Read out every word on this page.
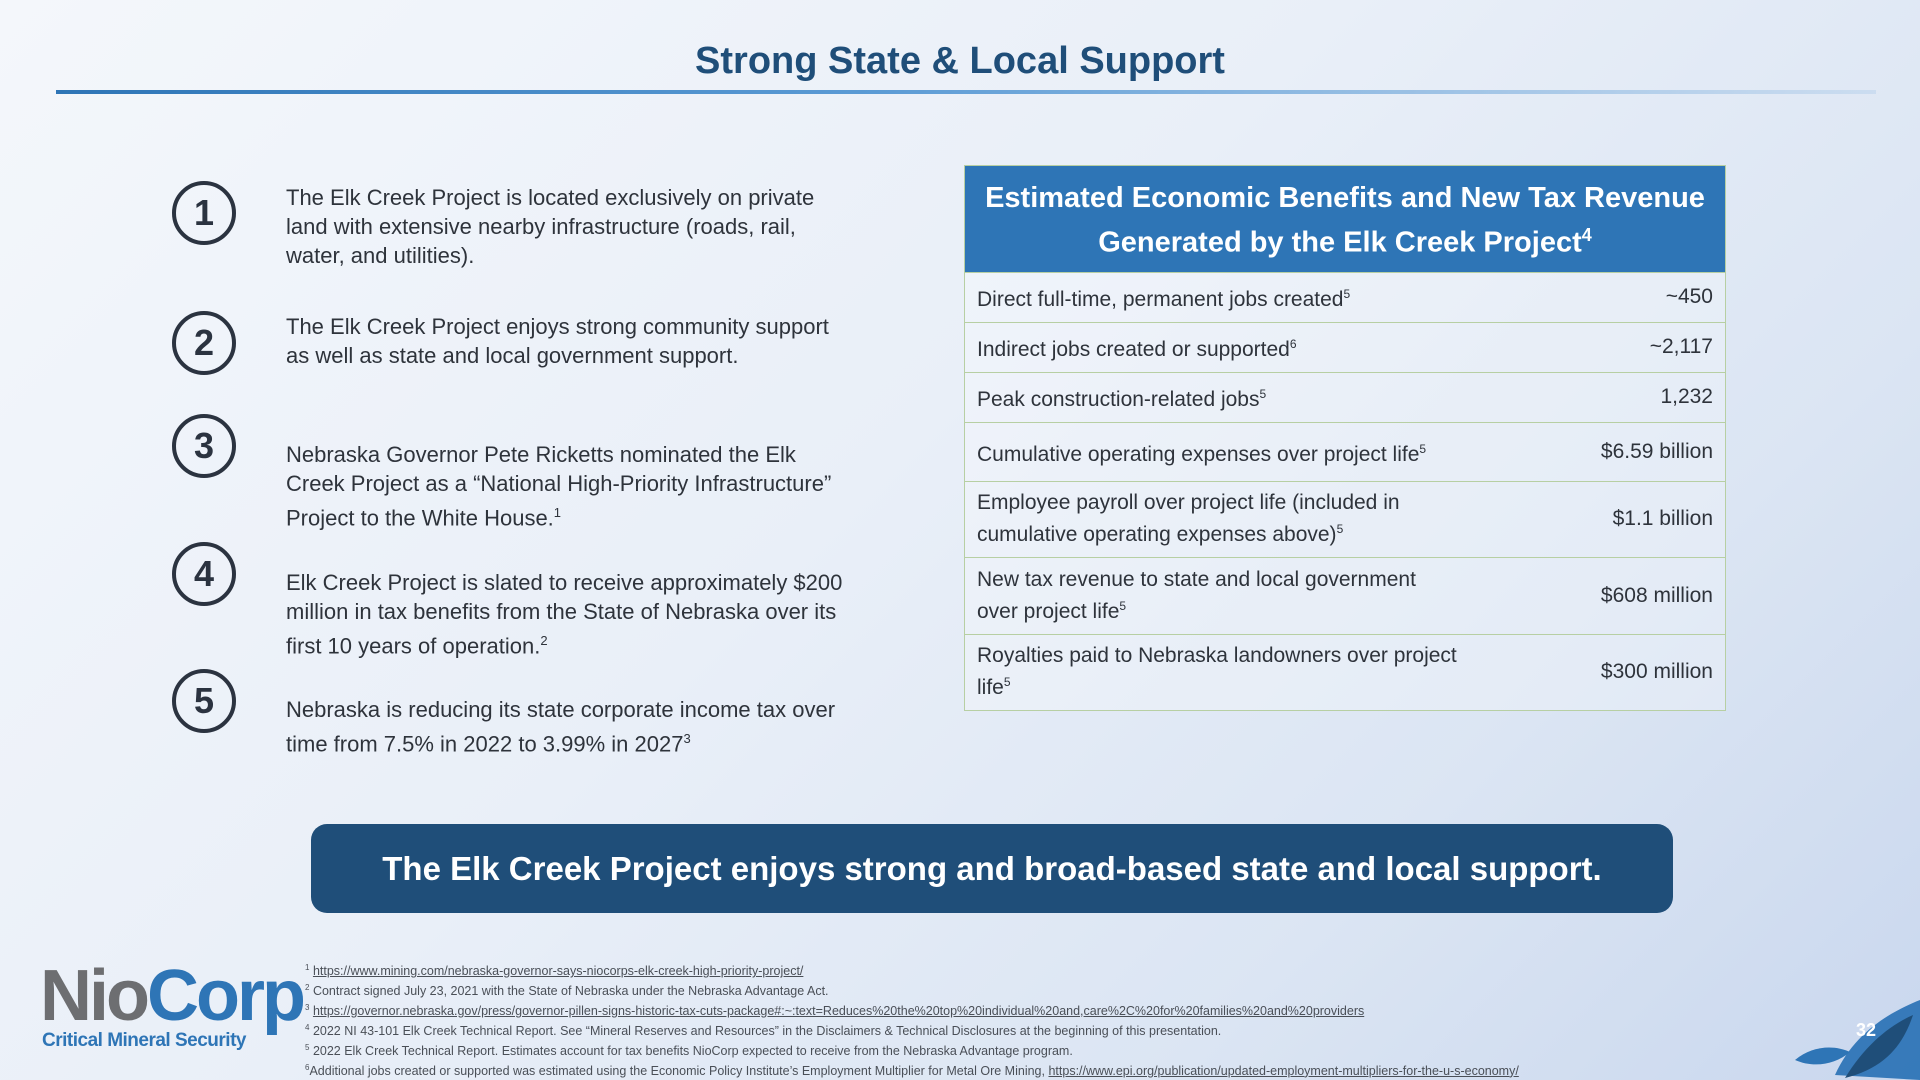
Strong State & Local Support
1	The Elk Creek Project is located exclusively on private land with extensive nearby infrastructure (roads, rail, water, and utilities).
2	The Elk Creek Project enjoys strong community support as well as state and local government support.
3	Nebraska Governor Pete Ricketts nominated the Elk Creek Project as a “National High-Priority Infrastructure” Project to the White House.$^1$
4	Elk Creek Project is slated to receive approximately $200 million in tax benefits from the State of Nebraska over its first 10 years of operation.$^2$
5	Nebraska is reducing its state corporate income tax over time from 7.5% in 2022 to 3.99% in 2027$^3$
Estimated Economic Benefits and New Tax Revenue Generated by the Elk Creek Project$^4$
Direct full-time, permanent jobs created$^5$	~450
Indirect jobs created or supported$^6$	~2,117
Peak construction-related jobs$^5$	1,232
Cumulative operating expenses over project life$^5$	$6.59 billion
Employee payroll over project life (included in cumulative operating expenses above)$^5$	$1.1 billion
New tax revenue to state and local government over project life$^5$	$608 million
Royalties paid to Nebraska landowners over project life$^5$	$300 million
The Elk Creek Project enjoys strong and broad-based state and local support.
NioCorp
Critical Mineral Security
$^1$ https://www.mining.com/nebraska-governor-says-niocorps-elk-creek-high-priority-project/
$^2$ Contract signed July 23, 2021 with the State of Nebraska under the Nebraska Advantage Act.
$^3$ https://governor.nebraska.gov/press/governor-pillen-signs-historic-tax-cuts-package#:~:text=Reduces%20the%20top%20individual%20and,care%2C%20for%20families%20and%20providers
$^4$ 2022 NI 43-101 Elk Creek Technical Report. See “Mineral Reserves and Resources” in the Disclaimers & Technical Disclosures at the beginning of this presentation.
$^5$ 2022 Elk Creek Technical Report. Estimates account for tax benefits NioCorp expected to receive from the Nebraska Advantage program.
$^6$Additional jobs created or supported was estimated using the Economic Policy Institute’s Employment Multiplier for Metal Ore Mining, https://www.epi.org/publication/updated-employment-multipliers-for-the-u-s-economy/
32
